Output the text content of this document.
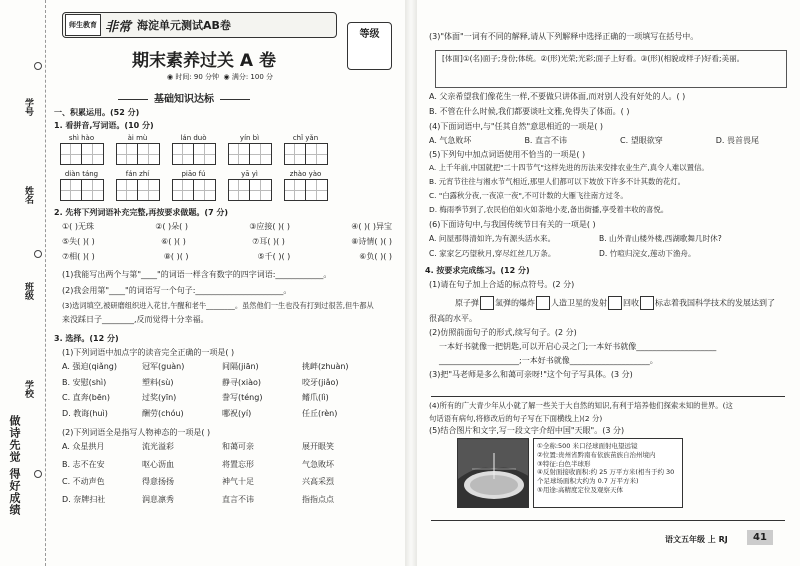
学号
姓名
班级
学校
做诗先觉 得好成绩
师生教育 非常 海淀单元测试AB卷
等级
期末素养过关 A 卷
◉ 时间: 90 分钟 ◉ 满分: 100 分
基础知识达标
一、积累运用。(52 分)
1. 看拼音,写词语。(10 分)
shì hào	ài mù	lán duò	yín bì	chǐ yǎn
diàn táng	fán zhí	piāo fú	yā yì	zhào yào
2. 先将下列词语补充完整,再按要求做题。(7 分)
①( )无珠	②( )朵( )	③应接( )( )	④( )( )异宝
⑤失( )( )	⑥( )( )	⑦耳( )( )	⑧诗情( )( )
⑦相( )( )	⑧( )( )	⑤千( )( )	⑥负( )( )
(1)我能写出两个与第"____"的词语一样含有数字的四字词语:____________。
(2)我会用第"____"的词语写一个句子:______________________。
(3)选词填空,被研磨组织进入花甘,午醒和老牛________。虽然他们一生也没有打到过很苦,但牛都从
来没踩日子________,反而觉得十分幸福。
3. 选择。(12 分)
(1)下列词语中加点字的读音完全正确的一项是( )
A. 强迫(qiǎng)	冠军(guàn)	间隔(jiān)	挑衅(zhuàn)
B. 安慰(shì)	塑料(sù)	静寻(xiào)	咬牙(jiǎo)
C. 直奔(bēn)	过奖(yīn)	誊写(téng)	鳍爪(lì)
D. 教诲(huì)	酬劳(chóu)	哪祝(yí)	任丘(rèn)
(2)下列词语全是指写人物神态的一项是( )
A. 众星拱月	流光溢彩	和蔼可亲	展开眼笑
B. 志不在安	呕心沥血	将置忘形	气急败坏
C. 不动声色	得意扬扬	神气十足	兴高采烈
D. 奈牌扫社	润息凛秀	直言不讳	指指点点
(3)"体面"一词有不同的解释,请从下列解释中选择正确的一项填写在括号中。
[体面]①(名)面子;身份;体统。②(形)光荣;光彩;面子上好看。③(形)(相貌或样子)好看;美丽。
A. 父亲希望我们像花生一样,不要做只讲体面,而对别人没有好处的人。( )
B. 不管在什么时候,我们都要谈吐文雅,免得失了体面。( )
(4)下面词语中,与"任其自然"意思相近的一项是( )
A. 气急败坏	B. 直言不讳	C. 望眼欲穿	D. 畏首畏尾
(5)下列句中加点词语使用不恰当的一项是( )
A. 上千年前,中国就把"二十四节气"这样先进的历法来安排农业生产,真令人难以置信。
B. 元宵节往往与湘水节气相近,那里人们都可以下坡放下许多不计其数的花灯。
C. "白露秋分夜,一夜凉一夜",不可计数的大雁飞往南方过冬。
D. 梅雨季节到了,农民伯伯如火如荼地小麦,备出街播,享受着丰收的喜悦。
(6)下面诗句中,与我国传统节日有关的一项是( )
A. 问屋那得清如许,为有源头活水来。	B. 山外青山楼外楼,西湖歌舞几时休?
C. 家家乞巧望秋月,穿尽红丝几万条。	D. 竹喧归浣女,莲动下渔舟。
4. 按要求完成练习。(12 分)
(1)请在句子加上合适的标点符号。(2 分)
原子弹 氢弹的爆炸 人造卫星的发射 回收 标志着我国科学技术的发展达到了
很高的水平。
(2)仿照前面句子的形式,续写句子。(2 分)
一本好书就像一把钥匙,可以开启心灵之门;一本好书就像____________________
____________________;一本好书就像____________________。
(3)把"马老师是多么和蔼可亲呀!"这个句子写具体。(3 分)
(4)所有的广大青少年从小就了解一些关于大自然的知识,有利于培养他们探索未知的世界。(这
句话语有病句,将修改后的句子写在下面横线上)(2 分)
(5)结合图片和文字,写一段文字介绍中国"天眼"。(3 分)
①全称:500 米口径球面射电望远镜
②位置:贵州省黔南布依族苗族自治州境内
③特征:白色半球形
④反射面接收面积:约 25 万平方米(相当于约 30 个足球场面积大约为 0.7 万平方米)
⑤用途:高精度定位及观察天体
语文五年级 上 RJ	41
